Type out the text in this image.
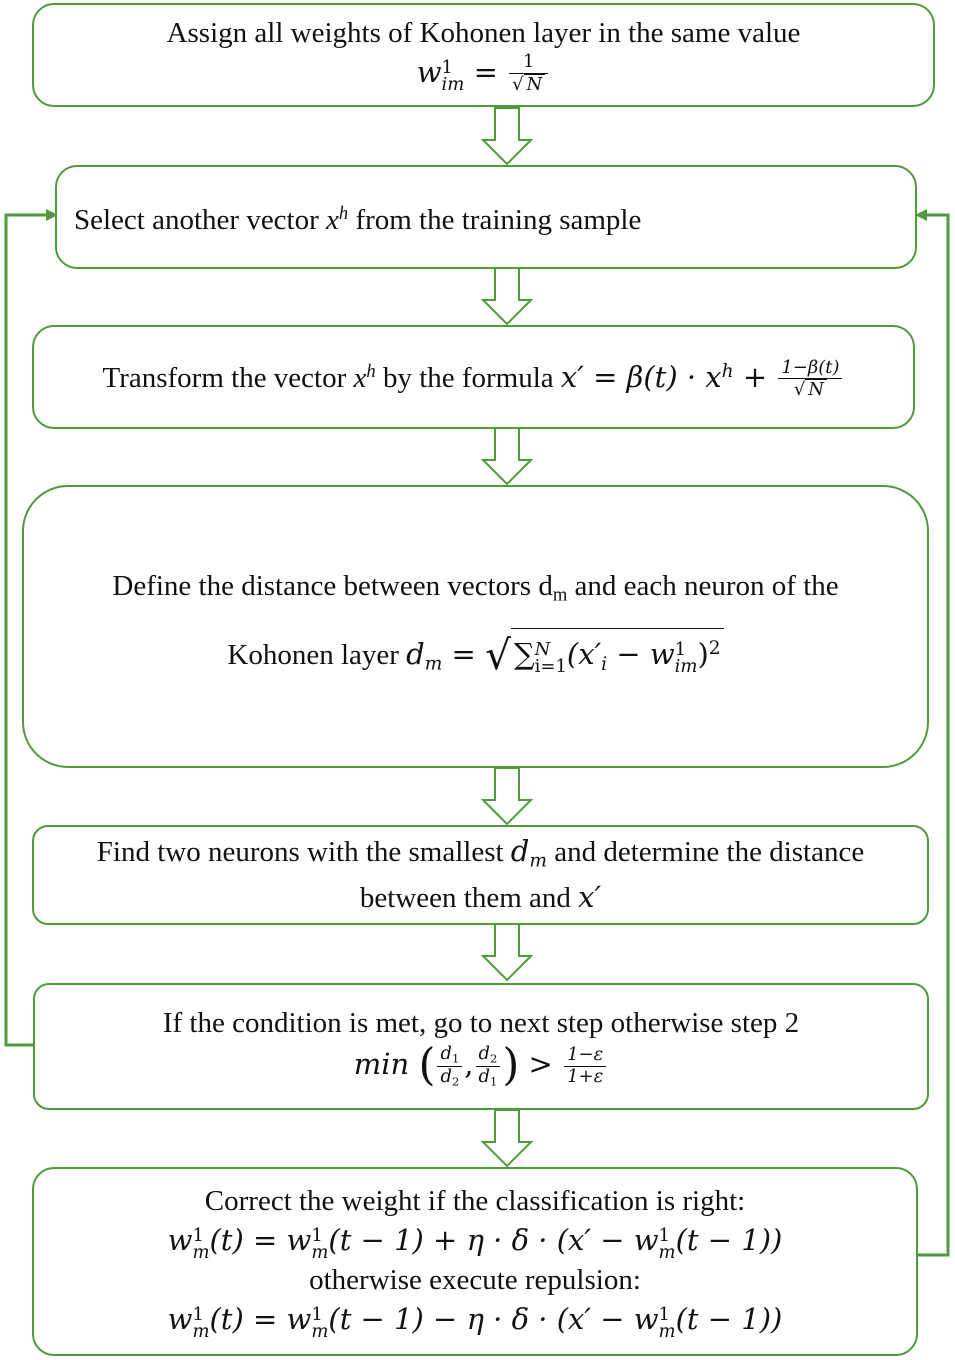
Assign all weights of Kohonen layer in the same value
w1
im = $\frac{1}{√ N}$
Select another vector $x^h$ from the training sample
Transform the vector $x^h$ by the formula $x' = \beta(t) \cdot x^h + \frac{1-\beta(t)}{√ N}$
Define the distance between vectors $d_m$ and each neuron of the
Kohonen layer $d_m$ = √ ∑N
$i=1(x'_i - w1$
im)$^2$
Find two neurons with the smallest $d_m$ and determine the distance
between them and x′
If the condition is met, go to next step otherwise step 2
min ( $\frac{d_1}{d_2}$ , $\frac{d_2}{d_1}$ ) > $\frac{1-\varepsilon}{1+\varepsilon}$
Correct the weight if the classification is right:
w1
m(t) = w1
m(t − 1) + η · δ · (x′ − w1
m(t − 1))
otherwise execute repulsion:
w1
m(t) = w1
m(t − 1) − η · δ · (x′ − w1
m(t − 1))
